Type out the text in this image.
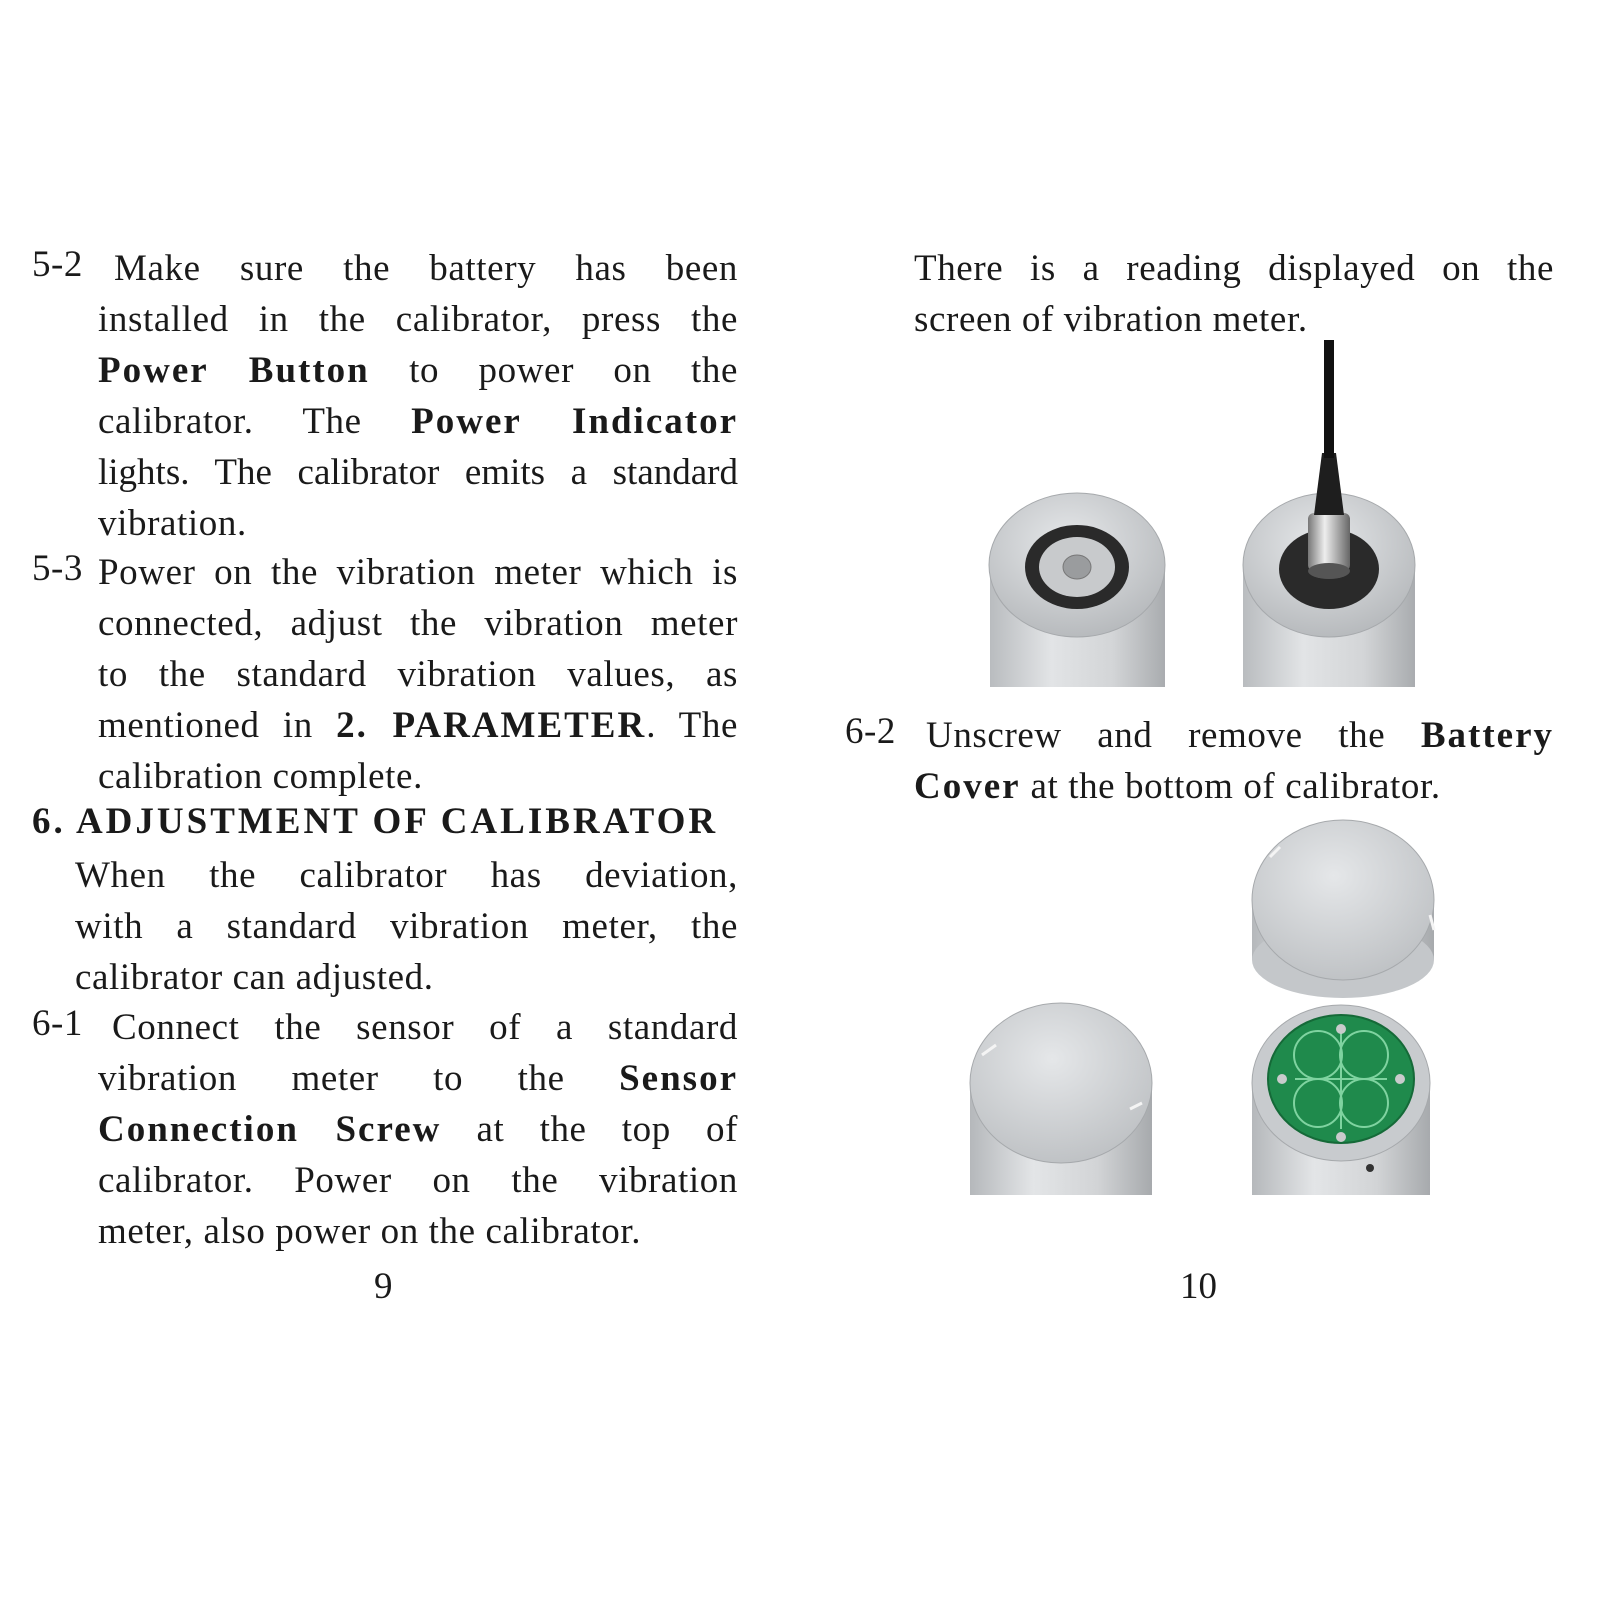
5-2 Make sure the battery has been
installed in the calibrator, press the
Power Button to power on the
calibrator. The Power Indicator
lights. The calibrator emits a standard
vibration.
5-3 Power on the vibration meter which is
connected, adjust the vibration meter
to the standard vibration values, as
mentioned in 2. PARAMETER. The
calibration complete.
6. ADJUSTMENT OF CALIBRATOR
When the calibrator has deviation,
with a standard vibration meter, the
calibrator can adjusted.
6-1 Connect the sensor of a standard
vibration meter to the Sensor
Connection Screw at the top of
calibrator. Power on the vibration
meter, also power on the calibrator.
9
There is a reading displayed on the
screen of vibration meter.
6-2 Unscrew and remove the Battery
Cover at the bottom of calibrator.
10
